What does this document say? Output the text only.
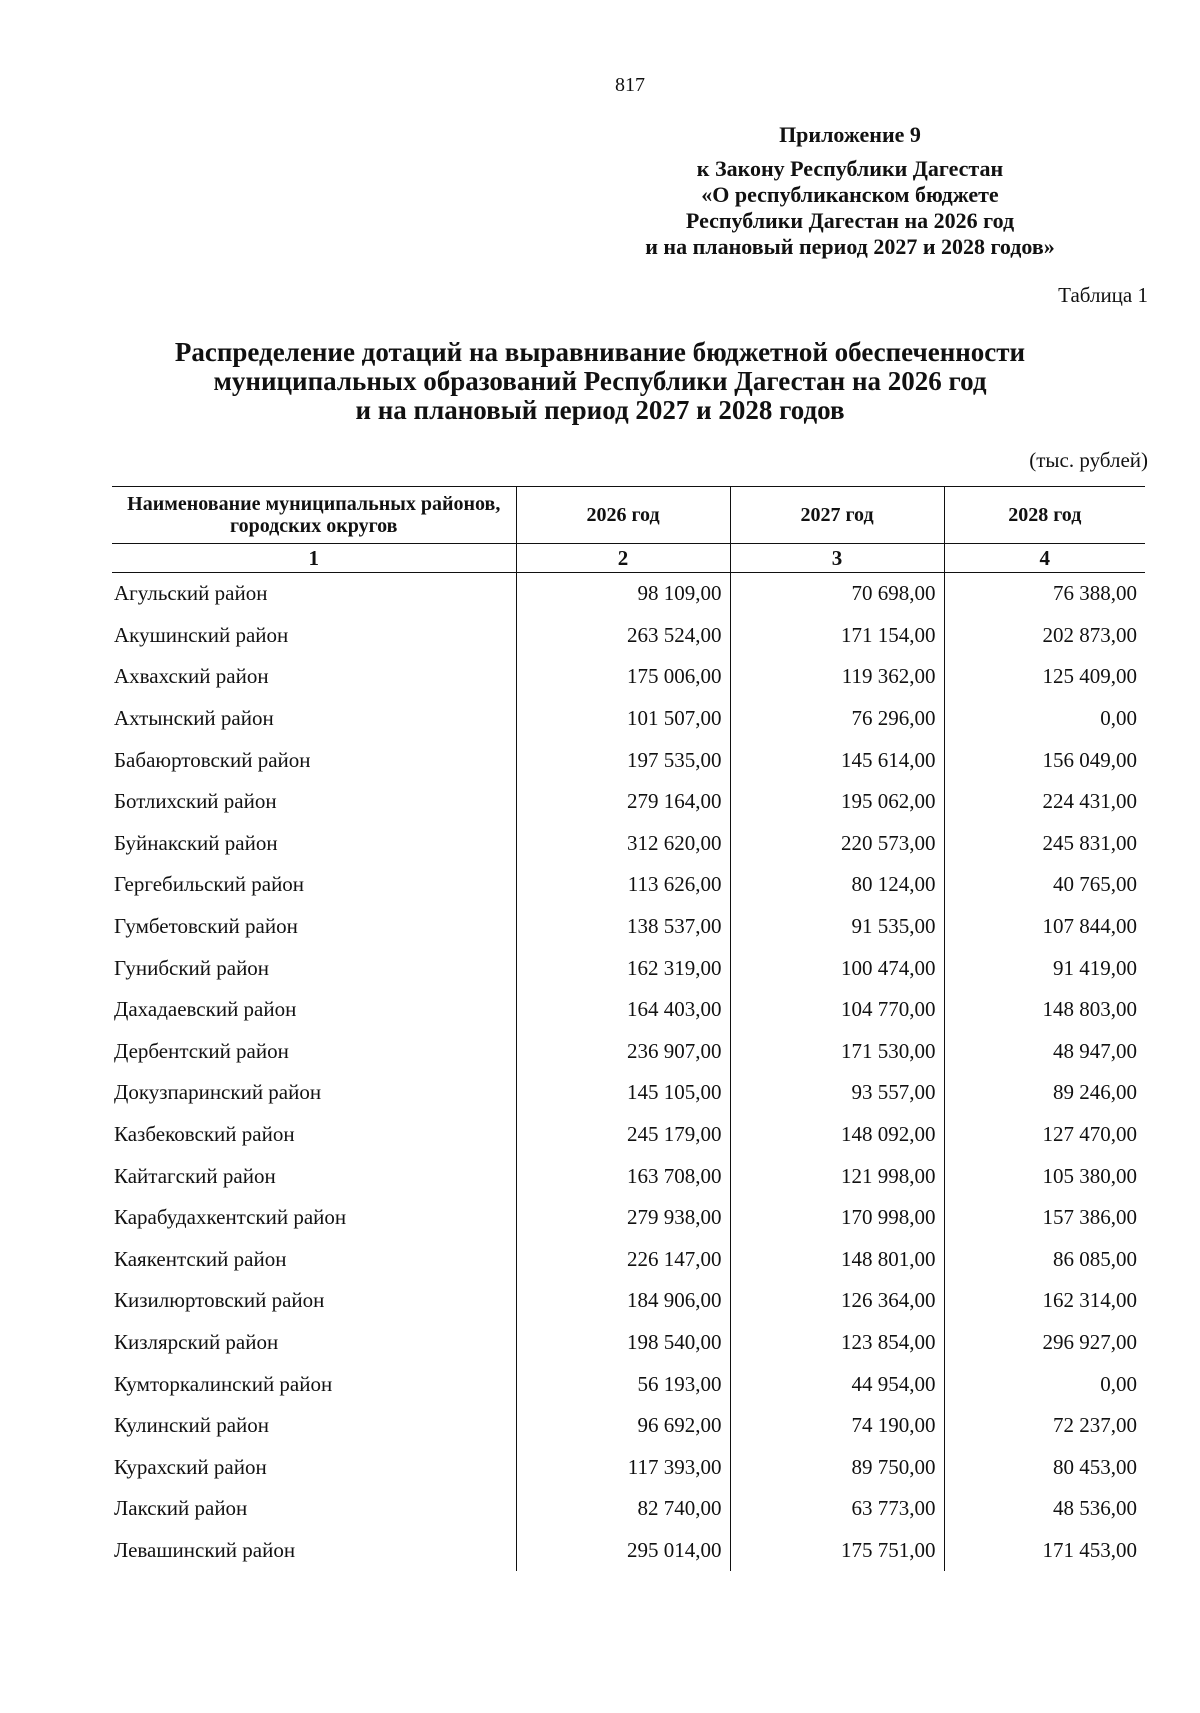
817
Приложение 9
к Закону Республики Дагестан
«О республиканском бюджете
Республики Дагестан на 2026 год
и на плановый период 2027 и 2028 годов»
Таблица 1
Распределение дотаций на выравнивание бюджетной обеспеченности
муниципальных образований Республики Дагестан на 2026 год
и на плановый период 2027 и 2028 годов
(тыс. рублей)
Наименование муниципальных районов, городских округов	2026 год	2027 год	2028 год
1	2	3	4
Агульский район	98 109,00	70 698,00	76 388,00
Акушинский район	263 524,00	171 154,00	202 873,00
Ахвахский район	175 006,00	119 362,00	125 409,00
Ахтынский район	101 507,00	76 296,00	0,00
Бабаюртовский район	197 535,00	145 614,00	156 049,00
Ботлихский район	279 164,00	195 062,00	224 431,00
Буйнакский район	312 620,00	220 573,00	245 831,00
Гергебильский район	113 626,00	80 124,00	40 765,00
Гумбетовский район	138 537,00	91 535,00	107 844,00
Гунибский район	162 319,00	100 474,00	91 419,00
Дахадаевский район	164 403,00	104 770,00	148 803,00
Дербентский район	236 907,00	171 530,00	48 947,00
Докузпаринский район	145 105,00	93 557,00	89 246,00
Казбековский район	245 179,00	148 092,00	127 470,00
Кайтагский район	163 708,00	121 998,00	105 380,00
Карабудахкентский район	279 938,00	170 998,00	157 386,00
Каякентский район	226 147,00	148 801,00	86 085,00
Кизилюртовский район	184 906,00	126 364,00	162 314,00
Кизлярский район	198 540,00	123 854,00	296 927,00
Кумторкалинский район	56 193,00	44 954,00	0,00
Кулинский район	96 692,00	74 190,00	72 237,00
Курахский район	117 393,00	89 750,00	80 453,00
Лакский район	82 740,00	63 773,00	48 536,00
Левашинский район	295 014,00	175 751,00	171 453,00
